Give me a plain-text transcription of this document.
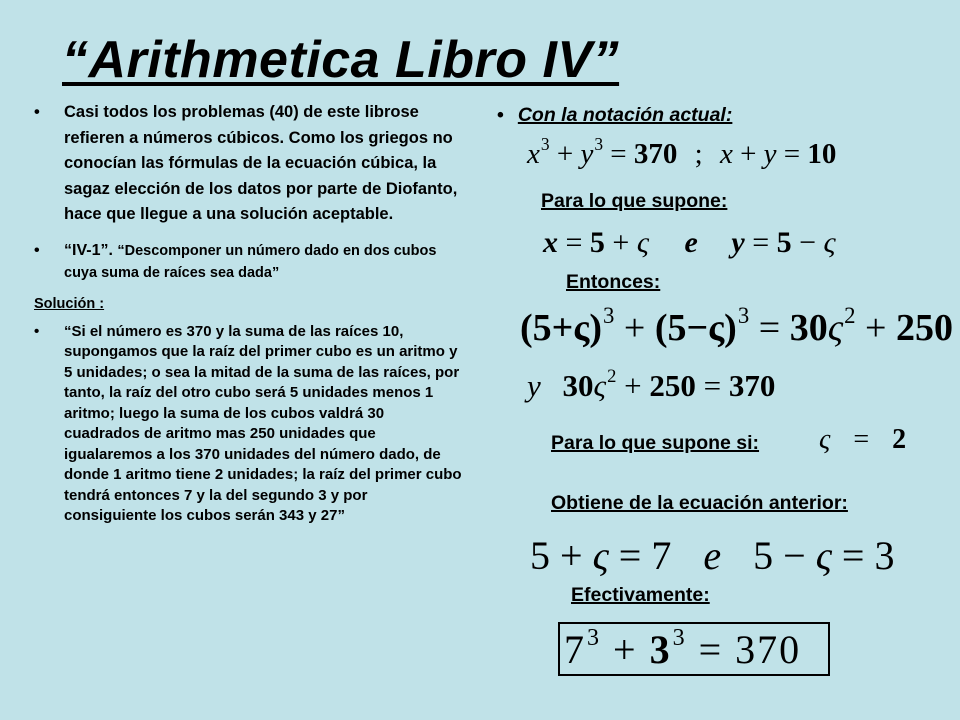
“Arithmetica Libro IV”
• Casi todos los problemas (40) de este librose refieren a números cúbicos. Como los griegos no conocían las fórmulas de la ecuación cúbica, la sagaz elección de los datos por parte de Diofanto, hace que llegue a una solución aceptable.
• “IV-1”. “Descomponer un número dado en dos cubos cuya suma de raíces sea dada”
Solución :
• “Si el número es 370 y la suma de las raíces 10, supongamos que la raíz del primer cubo es un aritmo y 5 unidades; o sea la mitad de la suma de las raíces, por tanto, la raíz del otro cubo será 5 unidades menos 1 aritmo; luego la suma de los cubos valdrá 30 cuadrados de aritmo mas 250 unidades que igualaremos a los 370 unidades del número dado, de donde 1 aritmo tiene 2 unidades; la raíz del primer cubo tendrá entonces 7 y la del segundo 3 y por consiguiente los cubos serán 343 y 27”
• Con la notación actual:
$x^3 + y^3 = 370$ ; x + y = 10
Para lo que supone:
x = 5 + ς e y = 5 − ς
Entonces:
$(5+\varsigma)^3 + (5-\varsigma)^3 = 30\varsigma^2 + 250$
y $30\varsigma^2 + 250 = 370$
Para lo que supone si: ς = 2
Obtiene de la ecuación anterior:
5 + ς = 7 e 5 − ς = 3
Efectivamente:
$7^3 + 3^3 = 370$
